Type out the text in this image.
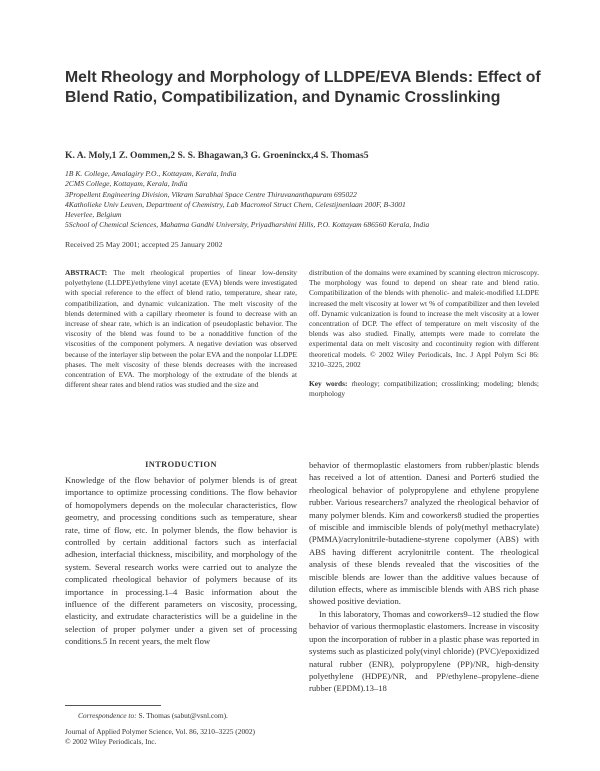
Melt Rheology and Morphology of LLDPE/EVA Blends: Effect of Blend Ratio, Compatibilization, and Dynamic Crosslinking
K. A. Moly,1 Z. Oommen,2 S. S. Bhagawan,3 G. Groeninckx,4 S. Thomas5
1B K. College, Amalagiry P.O., Kottayam, Kerala, India
2CMS College, Kottayam, Kerala, India
3Propellent Engineering Division, Vikram Sarabhai Space Centre Thiruvananthapuram 695022
4Katholieke Univ Leuven, Department of Chemistry, Lab Macromol Struct Chem, Celestijnenlaan 200F, B-3001
Heverlee, Belgium
5School of Chemical Sciences, Mahatma Gandhi University, Priyadharshini Hills, P.O. Kottayam 686560 Kerala, India
Received 25 May 2001; accepted 25 January 2002
ABSTRACT: The melt rheological properties of linear low-density polyethylene (LLDPE)/ethylene vinyl acetate (EVA) blends were investigated with special reference to the effect of blend ratio, temperature, shear rate, compatibilization, and dynamic vulcanization. The melt viscosity of the blends determined with a capillary rheometer is found to decrease with an increase of shear rate, which is an indication of pseudoplastic behavior. The viscosity of the blend was found to be a nonadditive function of the viscosities of the component polymers. A negative deviation was observed because of the interlayer slip between the polar EVA and the nonpolar LLDPE phases. The melt viscosity of these blends decreases with the increased concentration of EVA. The morphology of the extrudate of the blends at different shear rates and blend ratios was studied and the size and
distribution of the domains were examined by scanning electron microscopy. The morphology was found to depend on shear rate and blend ratio. Compatibilization of the blends with phenolic- and maleic-modified LLDPE increased the melt viscosity at lower wt % of compatibilizer and then leveled off. Dynamic vulcanization is found to increase the melt viscosity at a lower concentration of DCP. The effect of temperature on melt viscosity of the blends was also studied. Finally, attempts were made to correlate the experimental data on melt viscosity and cocontinuity region with different theoretical models. © 2002 Wiley Periodicals, Inc. J Appl Polym Sci 86: 3210–3225, 2002
Key words: rheology; compatibilization; crosslinking; modeling; blends; morphology
INTRODUCTION

Knowledge of the flow behavior of polymer blends is of great importance to optimize processing conditions. The flow behavior of homopolymers depends on the molecular characteristics, flow geometry, and processing conditions such as temperature, shear rate, time of flow, etc. In polymer blends, the flow behavior is controlled by certain additional factors such as interfacial adhesion, interfacial thickness, miscibility, and morphology of the system. Several research works were carried out to analyze the complicated rheological behavior of polymers because of its importance in processing.1–4 Basic information about the influence of the different parameters on viscosity, processing, elasticity, and extrudate characteristics will be a guideline in the selection of proper polymer under a given set of processing conditions.5 In recent years, the melt flow

behavior of thermoplastic elastomers from rubber/plastic blends has received a lot of attention. Danesi and Porter6 studied the rheological behavior of polypropylene and ethylene propylene rubber. Various researchers7 analyzed the rheological behavior of many polymer blends. Kim and coworkers8 studied the properties of miscible and immiscible blends of poly(methyl methacrylate) (PMMA)/acrylonitrile-butadiene-styrene copolymer (ABS) with ABS having different acrylonitrile content. The rheological analysis of these blends revealed that the viscosities of the miscible blends are lower than the additive values because of dilution effects, where as immiscible blends with ABS rich phase showed positive deviation.

In this laboratory, Thomas and coworkers9–12 studied the flow behavior of various thermoplastic elastomers. Increase in viscosity upon the incorporation of rubber in a plastic phase was reported in systems such as plasticized poly(vinyl chloride) (PVC)/epoxidized natural rubber (ENR), polypropylene (PP)/NR, high-density polyethylene (HDPE)/NR, and PP/ethylene–propylene–diene rubber (EPDM).13–18

Correspondence to: S. Thomas (sabut@vsnl.com).
Journal of Applied Polymer Science, Vol. 86, 3210–3225 (2002)
© 2002 Wiley Periodicals, Inc.
